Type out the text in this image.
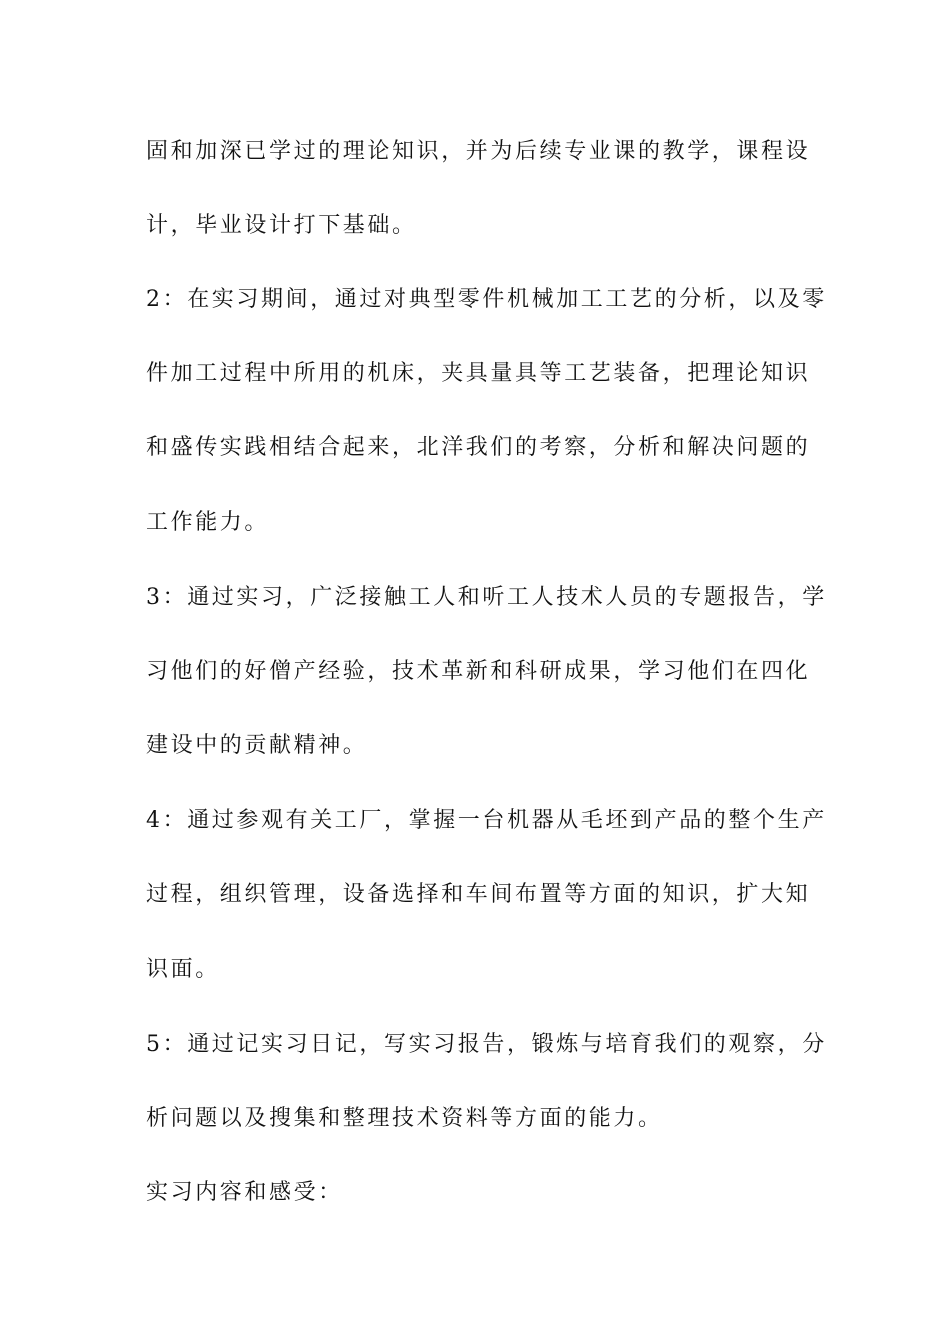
固和加深已学过的理论知识，并为后续专业课的教学，课程设
计，毕业设计打下基础。
2：在实习期间，通过对典型零件机械加工工艺的分析，以及零
件加工过程中所用的机床，夹具量具等工艺装备，把理论知识
和盛传实践相结合起来，北洋我们的考察，分析和解决问题的
工作能力。
3：通过实习，广泛接触工人和听工人技术人员的专题报告，学
习他们的好僧产经验，技术革新和科研成果，学习他们在四化
建设中的贡献精神。
4：通过参观有关工厂，掌握一台机器从毛坯到产品的整个生产
过程，组织管理，设备选择和车间布置等方面的知识，扩大知
识面。
5：通过记实习日记，写实习报告，锻炼与培育我们的观察，分
析问题以及搜集和整理技术资料等方面的能力。
实习内容和感受：
